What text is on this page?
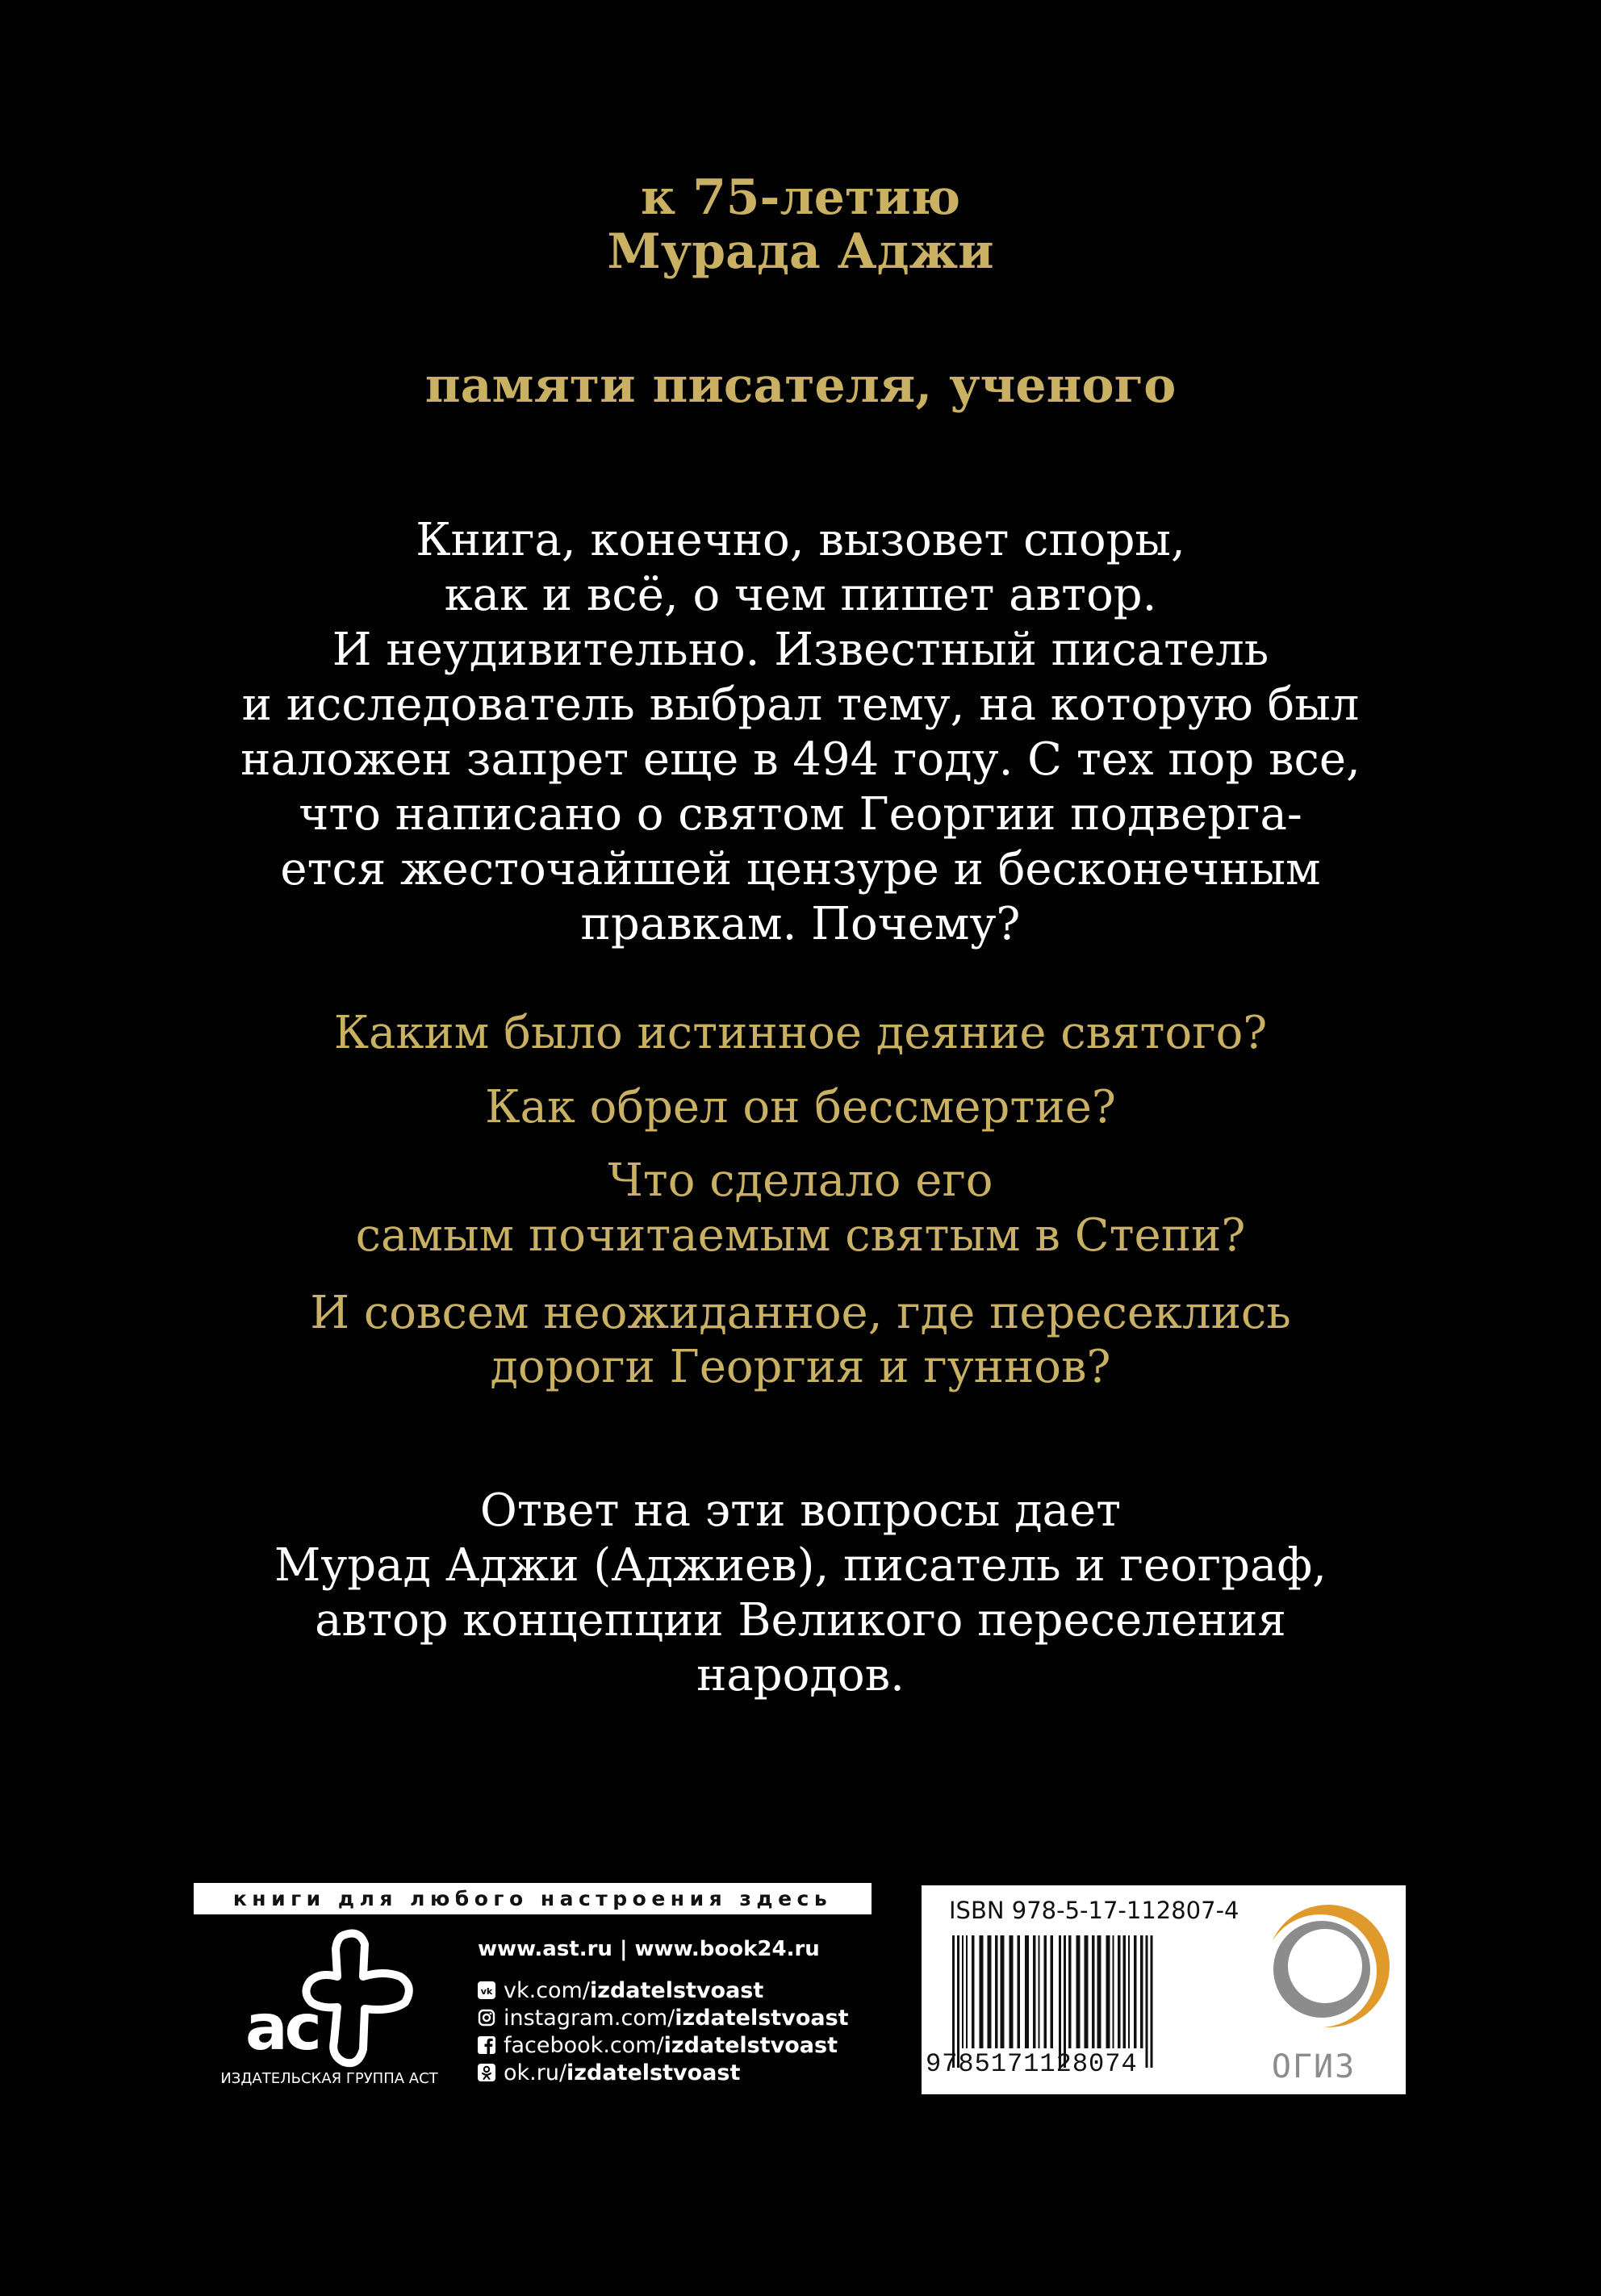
к 75-летию
Мурада Аджи
памяти писателя, ученого
Книга, конечно, вызовет споры,
как и всё, о чем пишет автор.
И неудивительно. Известный писатель
и исследователь выбрал тему, на которую был
наложен запрет еще в 494 году. С тех пор все,
что написано о святом Георгии подверга-
ется жесточайшей цензуре и бесконечным
правкам. Почему?
Каким было истинное деяние святого?
Как обрел он бессмертие?
Что сделало его
самым почитаемым святым в Степи?
И совсем неожиданное, где пересеклись
дороги Георгия и гуннов?
Ответ на эти вопросы дает
Мурад Аджи (Аджиев), писатель и географ,
автор концепции Великого переселения
народов.
книги для любого настроения здесь
ас
ИЗДАТЕЛЬСКАЯ ГРУППА АСТ
www.ast.ru | www.book24.ru
vk vk.com/ izdatelstvoast
instagram.com/ izdatelstvoast
facebook.com/ izdatelstvoast
ok.ru/ izdatelstvoast
ISBN 978-5-17-112807-4
9785171128074	ОГИЗ
